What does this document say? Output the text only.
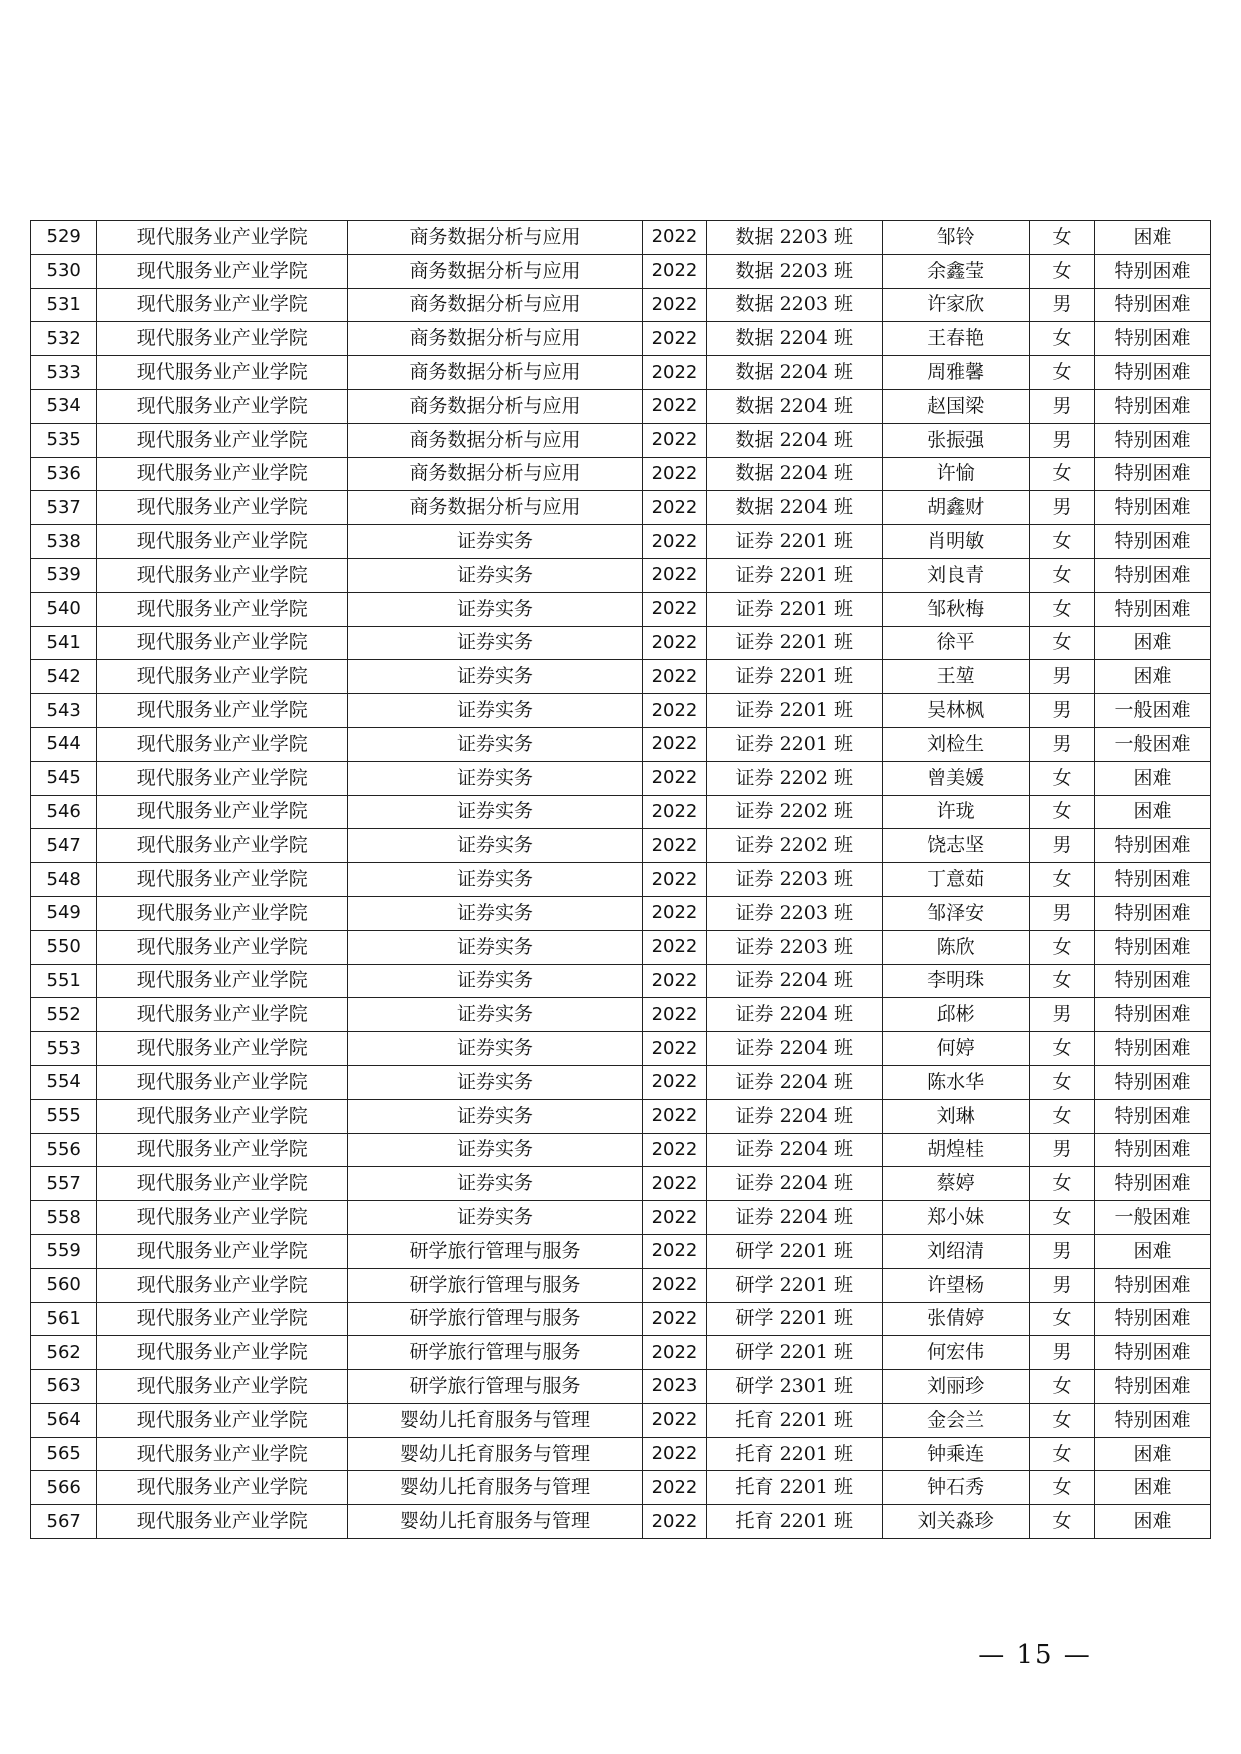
529	现代服务业产业学院	商务数据分析与应用	2022	数据 2203 班	邹铃	女	困难
530	现代服务业产业学院	商务数据分析与应用	2022	数据 2203 班	余鑫莹	女	特别困难
531	现代服务业产业学院	商务数据分析与应用	2022	数据 2203 班	许家欣	男	特别困难
532	现代服务业产业学院	商务数据分析与应用	2022	数据 2204 班	王春艳	女	特别困难
533	现代服务业产业学院	商务数据分析与应用	2022	数据 2204 班	周雅馨	女	特别困难
534	现代服务业产业学院	商务数据分析与应用	2022	数据 2204 班	赵国梁	男	特别困难
535	现代服务业产业学院	商务数据分析与应用	2022	数据 2204 班	张振强	男	特别困难
536	现代服务业产业学院	商务数据分析与应用	2022	数据 2204 班	许愉	女	特别困难
537	现代服务业产业学院	商务数据分析与应用	2022	数据 2204 班	胡鑫财	男	特别困难
538	现代服务业产业学院	证券实务	2022	证券 2201 班	肖明敏	女	特别困难
539	现代服务业产业学院	证券实务	2022	证券 2201 班	刘良青	女	特别困难
540	现代服务业产业学院	证券实务	2022	证券 2201 班	邹秋梅	女	特别困难
541	现代服务业产业学院	证券实务	2022	证券 2201 班	徐平	女	困难
542	现代服务业产业学院	证券实务	2022	证券 2201 班	王堃	男	困难
543	现代服务业产业学院	证券实务	2022	证券 2201 班	吴林枫	男	一般困难
544	现代服务业产业学院	证券实务	2022	证券 2201 班	刘检生	男	一般困难
545	现代服务业产业学院	证券实务	2022	证券 2202 班	曾美媛	女	困难
546	现代服务业产业学院	证券实务	2022	证券 2202 班	许珑	女	困难
547	现代服务业产业学院	证券实务	2022	证券 2202 班	饶志坚	男	特别困难
548	现代服务业产业学院	证券实务	2022	证券 2203 班	丁意茹	女	特别困难
549	现代服务业产业学院	证券实务	2022	证券 2203 班	邹泽安	男	特别困难
550	现代服务业产业学院	证券实务	2022	证券 2203 班	陈欣	女	特别困难
551	现代服务业产业学院	证券实务	2022	证券 2204 班	李明珠	女	特别困难
552	现代服务业产业学院	证券实务	2022	证券 2204 班	邱彬	男	特别困难
553	现代服务业产业学院	证券实务	2022	证券 2204 班	何婷	女	特别困难
554	现代服务业产业学院	证券实务	2022	证券 2204 班	陈水华	女	特别困难
555	现代服务业产业学院	证券实务	2022	证券 2204 班	刘琳	女	特别困难
556	现代服务业产业学院	证券实务	2022	证券 2204 班	胡煌桂	男	特别困难
557	现代服务业产业学院	证券实务	2022	证券 2204 班	蔡婷	女	特别困难
558	现代服务业产业学院	证券实务	2022	证券 2204 班	郑小妹	女	一般困难
559	现代服务业产业学院	研学旅行管理与服务	2022	研学 2201 班	刘绍清	男	困难
560	现代服务业产业学院	研学旅行管理与服务	2022	研学 2201 班	许望杨	男	特别困难
561	现代服务业产业学院	研学旅行管理与服务	2022	研学 2201 班	张倩婷	女	特别困难
562	现代服务业产业学院	研学旅行管理与服务	2022	研学 2201 班	何宏伟	男	特别困难
563	现代服务业产业学院	研学旅行管理与服务	2023	研学 2301 班	刘丽珍	女	特别困难
564	现代服务业产业学院	婴幼儿托育服务与管理	2022	托育 2201 班	金会兰	女	特别困难
565	现代服务业产业学院	婴幼儿托育服务与管理	2022	托育 2201 班	钟乘连	女	困难
566	现代服务业产业学院	婴幼儿托育服务与管理	2022	托育 2201 班	钟石秀	女	困难
567	现代服务业产业学院	婴幼儿托育服务与管理	2022	托育 2201 班	刘关淼珍	女	困难
— 15 —
